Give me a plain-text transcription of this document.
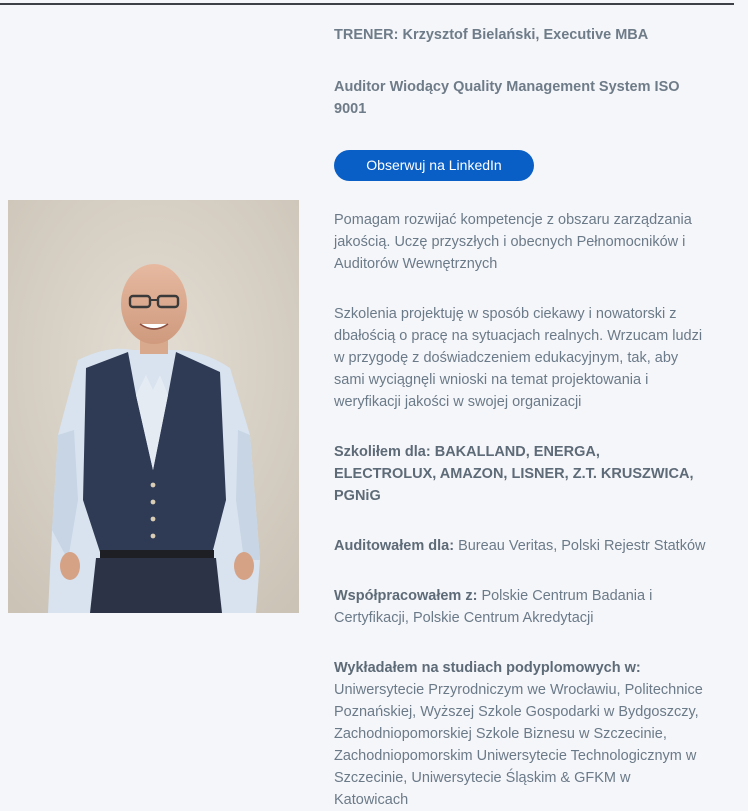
TRENER: Krzysztof Bielański, Executive MBA

Auditor Wiodący Quality Management System ISO 9001

Obserwuj na LinkedIn

Pomagam rozwijać kompetencje z obszaru zarządzania jakością. Uczę przyszłych i obecnych Pełnomocników i Auditorów Wewnętrznych

Szkolenia projektuję w sposób ciekawy i nowatorski z dbałością o pracę na sytuacjach realnych. Wrzucam ludzi w przygodę z doświadczeniem edukacyjnym, tak, aby sami wyciągnęli wnioski na temat projektowania i weryfikacji jakości w swojej organizacji

Szkoliłem dla: BAKALLAND, ENERGA, ELECTROLUX, AMAZON, LISNER, Z.T. KRUSZWICA, PGNiG

Auditowałem dla: Bureau Veritas, Polski Rejestr Statków

Współpracowałem z: Polskie Centrum Badania i Certyfikacji, Polskie Centrum Akredytacji

Wykładałem na studiach podyplomowych w:
Uniwersytecie Przyrodniczym we Wrocławiu, Politechnice Poznańskiej, Wyższej Szkole Gospodarki w Bydgoszczy, Zachodniopomorskiej Szkole Biznesu w Szczecinie, Zachodniopomorskim Uniwersytecie Technologicznym w Szczecinie, Uniwersytecie Śląskim & GFKM w Katowicach
